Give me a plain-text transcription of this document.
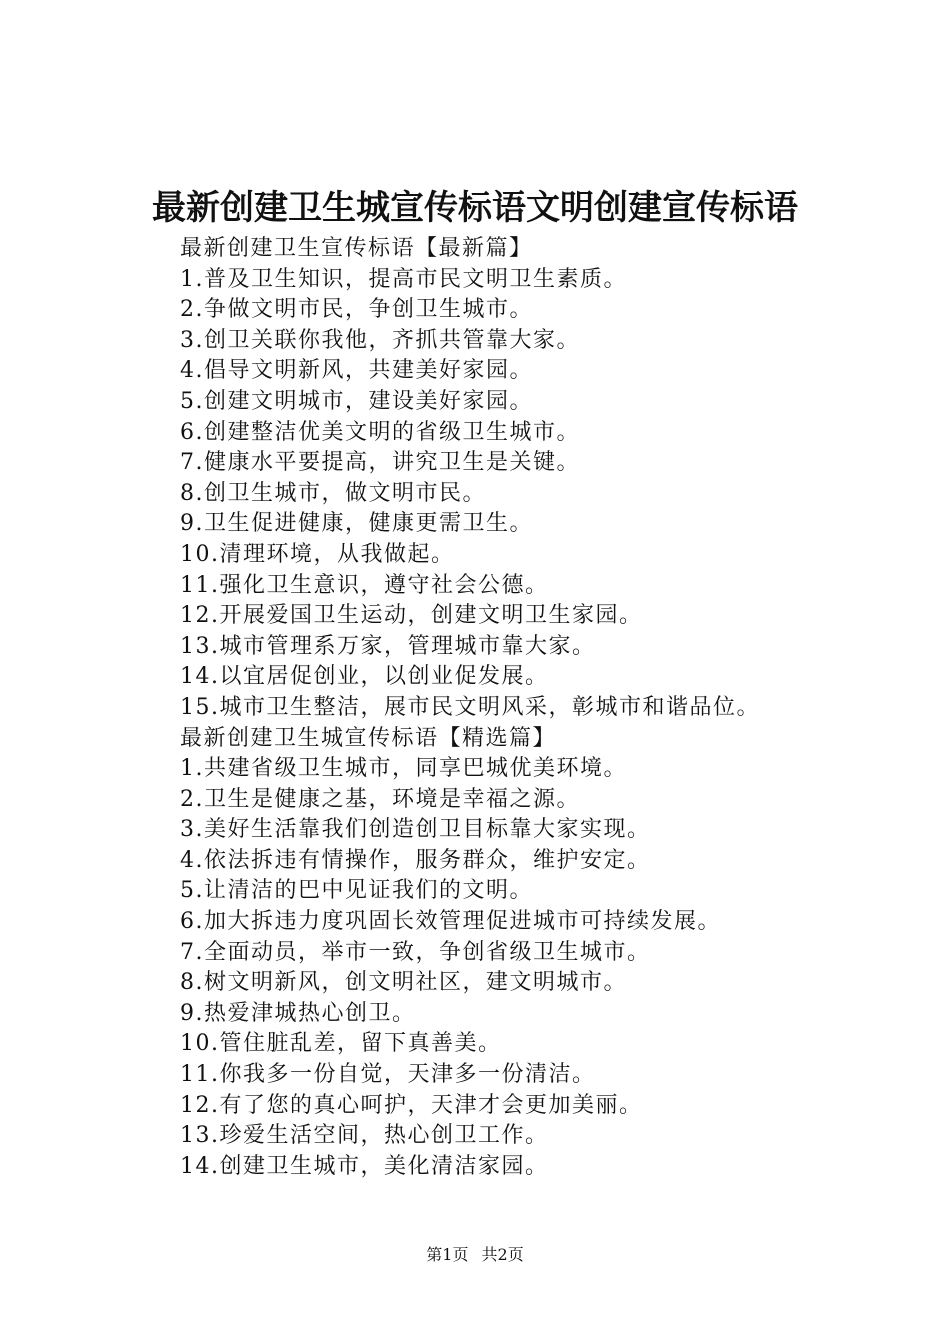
最新创建卫生城宣传标语文明创建宣传标语
最新创建卫生宣传标语【最新篇】
1.普及卫生知识，提高市民文明卫生素质。
2.争做文明市民，争创卫生城市。
3.创卫关联你我他，齐抓共管靠大家。
4.倡导文明新风，共建美好家园。
5.创建文明城市，建设美好家园。
6.创建整洁优美文明的省级卫生城市。
7.健康水平要提高，讲究卫生是关键。
8.创卫生城市，做文明市民。
9.卫生促进健康，健康更需卫生。
10.清理环境，从我做起。
11.强化卫生意识，遵守社会公德。
12.开展爱国卫生运动，创建文明卫生家园。
13.城市管理系万家，管理城市靠大家。
14.以宜居促创业，以创业促发展。
15.城市卫生整洁，展市民文明风采，彰城市和谐品位。
最新创建卫生城宣传标语【精选篇】
1.共建省级卫生城市，同享巴城优美环境。
2.卫生是健康之基，环境是幸福之源。
3.美好生活靠我们创造创卫目标靠大家实现。
4.依法拆违有情操作，服务群众，维护安定。
5.让清洁的巴中见证我们的文明。
6.加大拆违力度巩固长效管理促进城市可持续发展。
7.全面动员，举市一致，争创省级卫生城市。
8.树文明新风，创文明社区，建文明城市。
9.热爱津城热心创卫。
10.管住脏乱差，留下真善美。
11.你我多一份自觉，天津多一份清洁。
12.有了您的真心呵护，天津才会更加美丽。
13.珍爱生活空间，热心创卫工作。
14.创建卫生城市，美化清洁家园。
第1页 共2页
